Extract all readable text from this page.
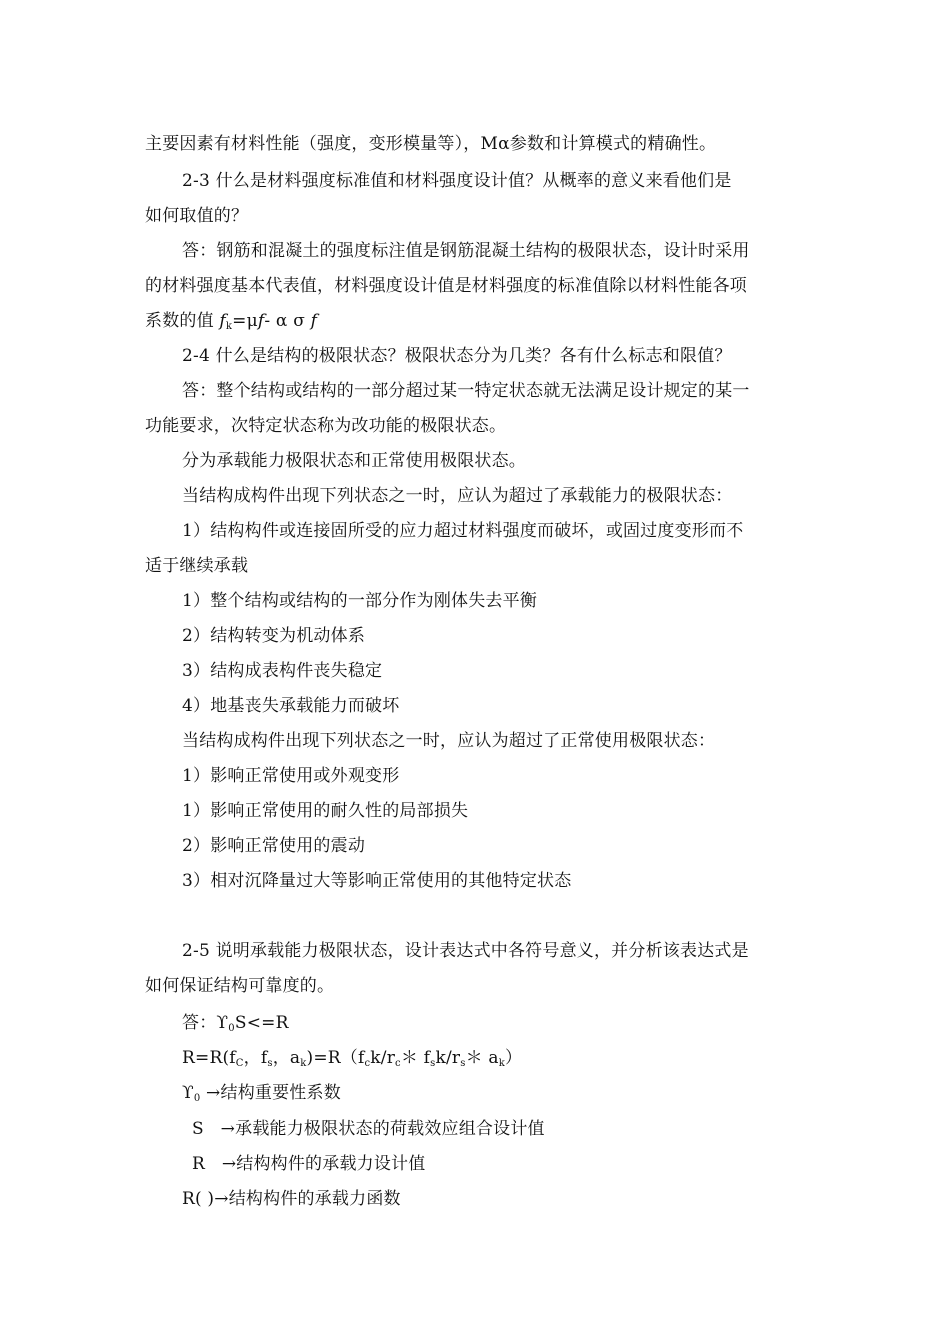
主要因素有材料性能（强度，变形模量等），Mα参数和计算模式的精确性。
2-3 什么是材料强度标准值和材料强度设计值？从概率的意义来看他们是
如何取值的？
答：钢筋和混凝土的强度标注值是钢筋混凝土结构的极限状态，设计时采用
的材料强度基本代表值，材料强度设计值是材料强度的标准值除以材料性能各项
系数的值 $f_k=\mu f-$ α σ f
2-4 什么是结构的极限状态？极限状态分为几类？各有什么标志和限值？
答：整个结构或结构的一部分超过某一特定状态就无法满足设计规定的某一
功能要求，次特定状态称为改功能的极限状态。
分为承载能力极限状态和正常使用极限状态。
当结构成构件出现下列状态之一时，应认为超过了承载能力的极限状态：
1）结构构件或连接固所受的应力超过材料强度而破坏，或固过度变形而不
适于继续承载
1）整个结构或结构的一部分作为刚体失去平衡
2）结构转变为机动体系
3）结构成表构件丧失稳定
4）地基丧失承载能力而破坏
当结构成构件出现下列状态之一时，应认为超过了正常使用极限状态：
1）影响正常使用或外观变形
1）影响正常使用的耐久性的局部损失
2）影响正常使用的震动
3）相对沉降量过大等影响正常使用的其他特定状态
2-5 说明承载能力极限状态，设计表达式中各符号意义，并分析该表达式是
如何保证结构可靠度的。
答：$ϒ_0S<=R$
$R=R(f_C$，$f_s$，$a_k)=R(f_ck/r_c*$ $f_sk/r_s*$ $a_k$）
$ϒ_0$ →结构重要性系数
S →承载能力极限状态的荷载效应组合设计值
R →结构构件的承载力设计值
R( )→结构构件的承载力函数
